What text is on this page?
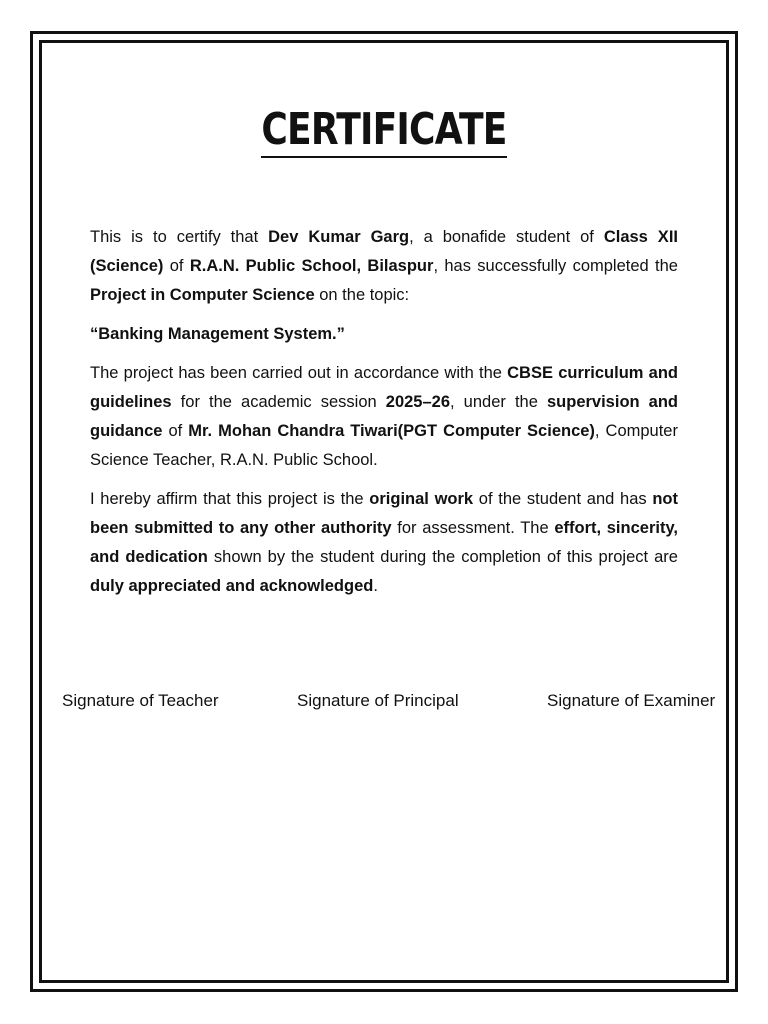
CERTIFICATE

This is to certify that Dev Kumar Garg, a bonafide student of Class XII (Science) of R.A.N. Public School, Bilaspur, has successfully completed the Project in Computer Science on the topic:

“Banking Management System.”

The project has been carried out in accordance with the CBSE curriculum and guidelines for the academic session 2025–26, under the supervision and guidance of Mr. Mohan Chandra Tiwari(PGT Computer Science), Computer Science Teacher, R.A.N. Public School.

I hereby affirm that this project is the original work of the student and has not been submitted to any other authority for assessment. The effort, sincerity, and dedication shown by the student during the completion of this project are duly appreciated and acknowledged.

Signature of Teacher	Signature of Principal	Signature of Examiner
